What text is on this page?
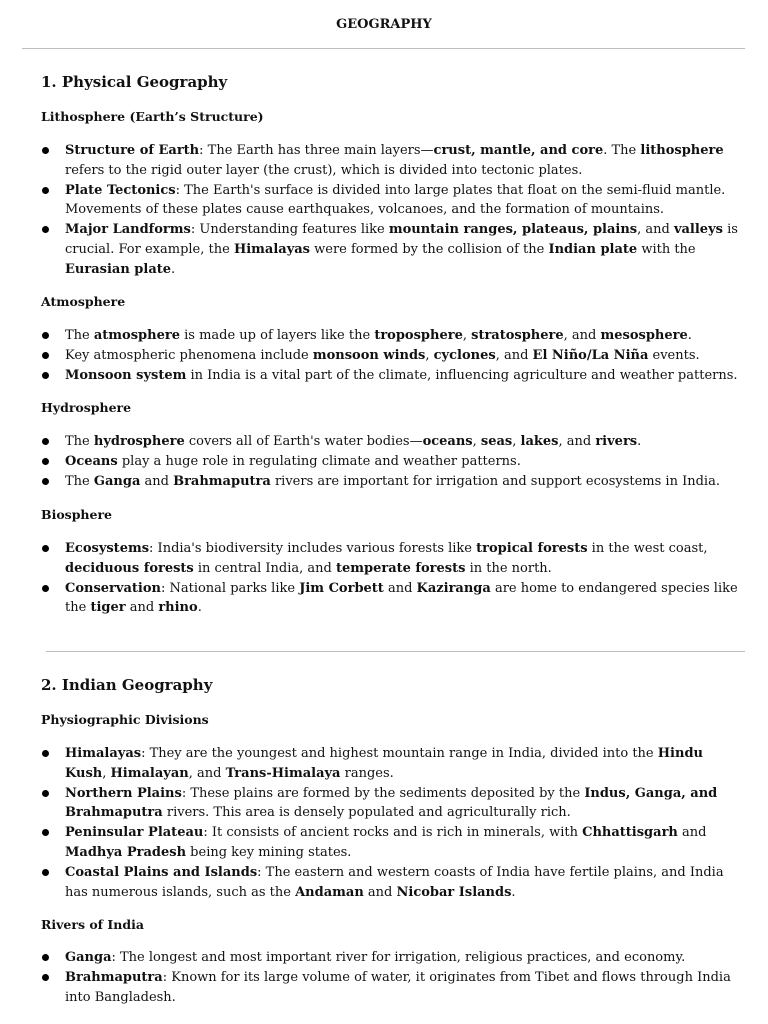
GEOGRAPHY
1. Physical Geography
Lithosphere (Earth’s Structure)
Structure of Earth: The Earth has three main layers—crust, mantle, and core. The lithosphere refers to the rigid outer layer (the crust), which is divided into tectonic plates.
Plate Tectonics: The Earth's surface is divided into large plates that float on the semi-fluid mantle. Movements of these plates cause earthquakes, volcanoes, and the formation of mountains.
Major Landforms: Understanding features like mountain ranges, plateaus, plains, and valleys is crucial. For example, the Himalayas were formed by the collision of the Indian plate with the Eurasian plate.
Atmosphere
The atmosphere is made up of layers like the troposphere, stratosphere, and mesosphere.
Key atmospheric phenomena include monsoon winds, cyclones, and El Niño/La Niña events.
Monsoon system in India is a vital part of the climate, influencing agriculture and weather patterns.
Hydrosphere
The hydrosphere covers all of Earth's water bodies—oceans, seas, lakes, and rivers.
Oceans play a huge role in regulating climate and weather patterns.
The Ganga and Brahmaputra rivers are important for irrigation and support ecosystems in India.
Biosphere
Ecosystems: India's biodiversity includes various forests like tropical forests in the west coast, deciduous forests in central India, and temperate forests in the north.
Conservation: National parks like Jim Corbett and Kaziranga are home to endangered species like the tiger and rhino.
2. Indian Geography
Physiographic Divisions
Himalayas: They are the youngest and highest mountain range in India, divided into the Hindu Kush, Himalayan, and Trans-Himalaya ranges.
Northern Plains: These plains are formed by the sediments deposited by the Indus, Ganga, and Brahmaputra rivers. This area is densely populated and agriculturally rich.
Peninsular Plateau: It consists of ancient rocks and is rich in minerals, with Chhattisgarh and Madhya Pradesh being key mining states.
Coastal Plains and Islands: The eastern and western coasts of India have fertile plains, and India has numerous islands, such as the Andaman and Nicobar Islands.
Rivers of India
Ganga: The longest and most important river for irrigation, religious practices, and economy.
Brahmaputra: Known for its large volume of water, it originates from Tibet and flows through India into Bangladesh.
